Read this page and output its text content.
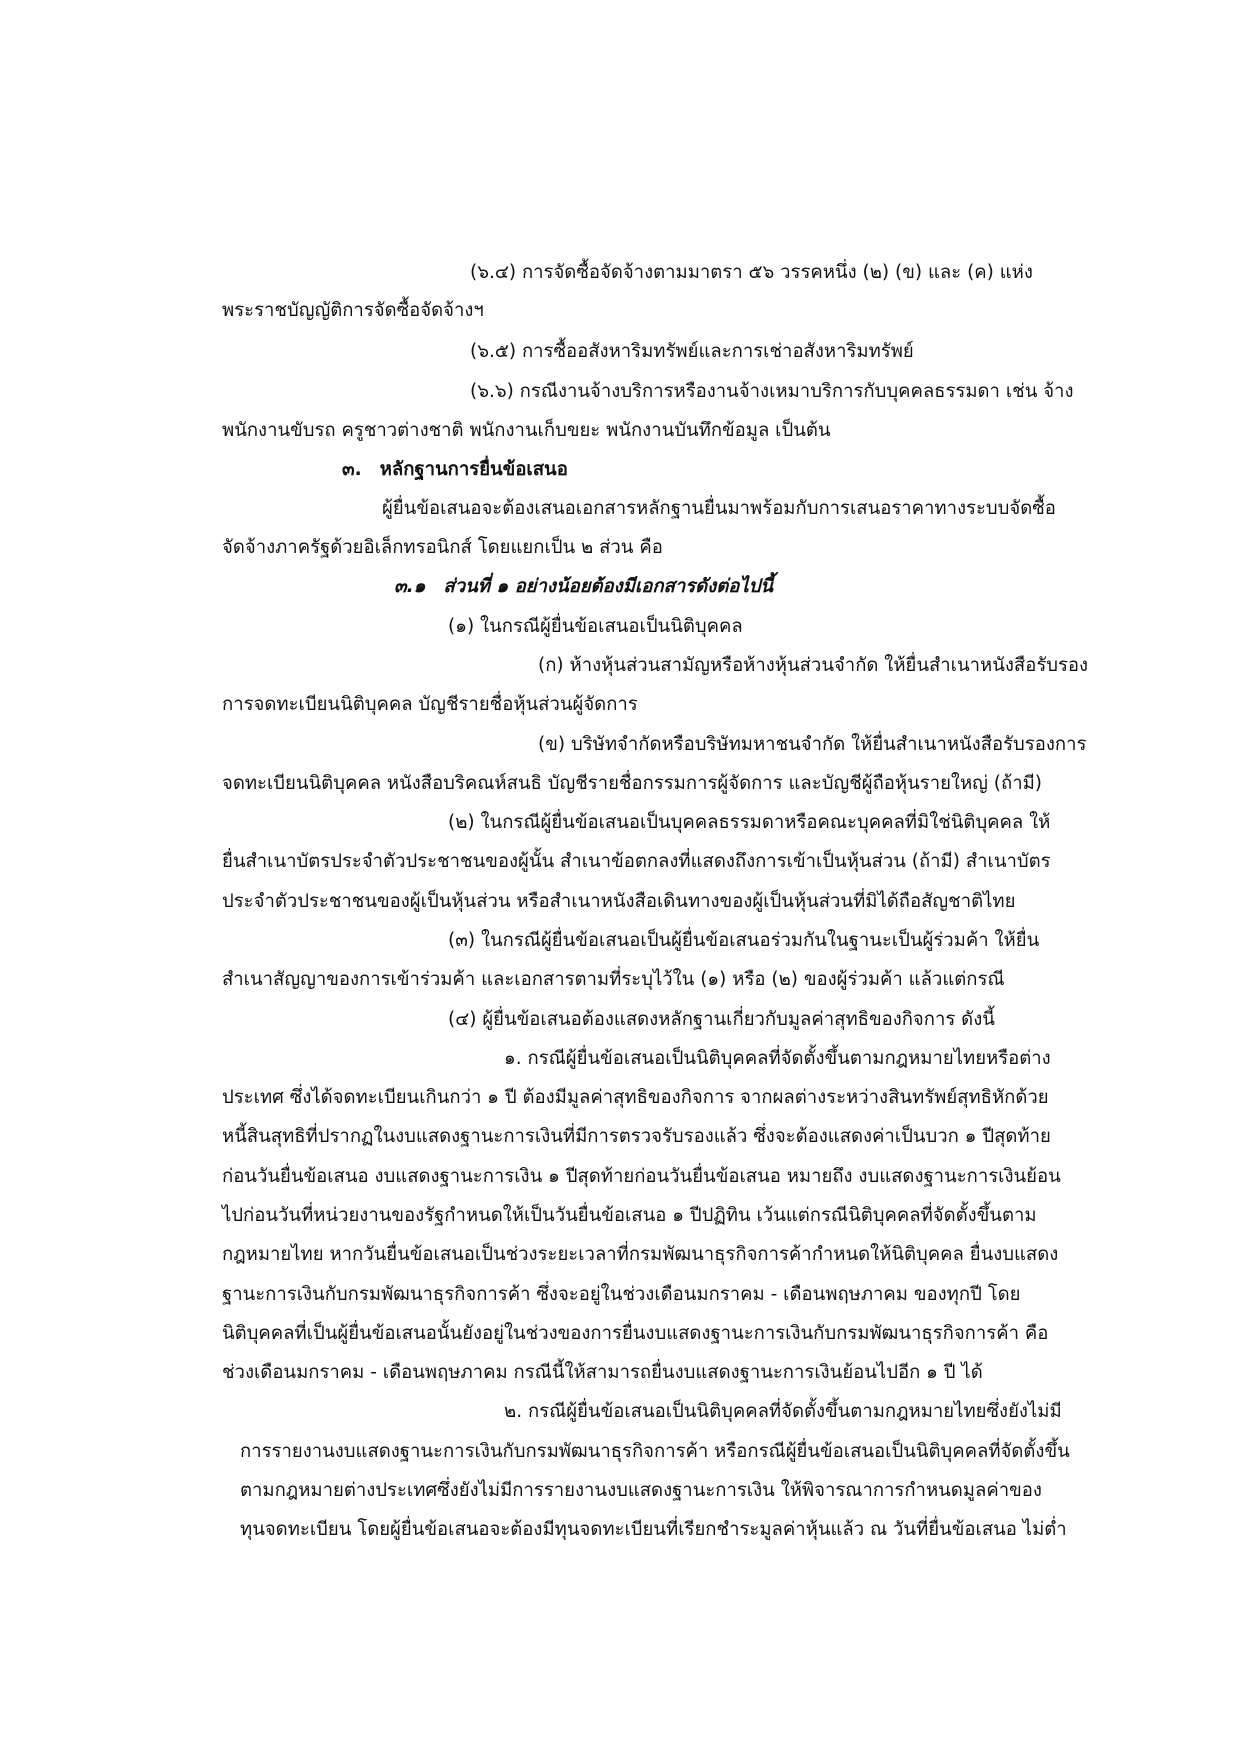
(๖.๔) การจัดซื้อจัดจ้างตามมาตรา ๕๖ วรรคหนึ่ง (๒) (ข) และ (ค) แห่ง
พระราชบัญญัติการจัดซื้อจัดจ้างฯ
(๖.๕) การซื้ออสังหาริมทรัพย์และการเช่าอสังหาริมทรัพย์
(๖.๖) กรณีงานจ้างบริการหรืองานจ้างเหมาบริการกับบุคคลธรรมดา เช่น จ้าง
พนักงานขับรถ ครูชาวต่างชาติ พนักงานเก็บขยะ พนักงานบันทึกข้อมูล เป็นต้น
๓. หลักฐานการยื่นข้อเสนอ
ผู้ยื่นข้อเสนอจะต้องเสนอเอกสารหลักฐานยื่นมาพร้อมกับการเสนอราคาทางระบบจัดซื้อ
จัดจ้างภาครัฐด้วยอิเล็กทรอนิกส์ โดยแยกเป็น ๒ ส่วน คือ
๓.๑ ส่วนที่ ๑ อย่างน้อยต้องมีเอกสารดังต่อไปนี้
(๑) ในกรณีผู้ยื่นข้อเสนอเป็นนิติบุคคล
(ก) ห้างหุ้นส่วนสามัญหรือห้างหุ้นส่วนจำกัด ให้ยื่นสำเนาหนังสือรับรอง
การจดทะเบียนนิติบุคคล บัญชีรายชื่อหุ้นส่วนผู้จัดการ
(ข) บริษัทจำกัดหรือบริษัทมหาชนจำกัด ให้ยื่นสำเนาหนังสือรับรองการ
จดทะเบียนนิติบุคคล หนังสือบริคณห์สนธิ บัญชีรายชื่อกรรมการผู้จัดการ และบัญชีผู้ถือหุ้นรายใหญ่ (ถ้ามี)
(๒) ในกรณีผู้ยื่นข้อเสนอเป็นบุคคลธรรมดาหรือคณะบุคคลที่มิใช่นิติบุคคล ให้
ยื่นสำเนาบัตรประจำตัวประชาชนของผู้นั้น สำเนาข้อตกลงที่แสดงถึงการเข้าเป็นหุ้นส่วน (ถ้ามี) สำเนาบัตร
ประจำตัวประชาชนของผู้เป็นหุ้นส่วน หรือสำเนาหนังสือเดินทางของผู้เป็นหุ้นส่วนที่มิได้ถือสัญชาติไทย
(๓) ในกรณีผู้ยื่นข้อเสนอเป็นผู้ยื่นข้อเสนอร่วมกันในฐานะเป็นผู้ร่วมค้า ให้ยื่น
สำเนาสัญญาของการเข้าร่วมค้า และเอกสารตามที่ระบุไว้ใน (๑) หรือ (๒) ของผู้ร่วมค้า แล้วแต่กรณี
(๔) ผู้ยื่นข้อเสนอต้องแสดงหลักฐานเกี่ยวกับมูลค่าสุทธิของกิจการ ดังนี้
๑. กรณีผู้ยื่นข้อเสนอเป็นนิติบุคคลที่จัดตั้งขึ้นตามกฎหมายไทยหรือต่าง
ประเทศ ซึ่งได้จดทะเบียนเกินกว่า ๑ ปี ต้องมีมูลค่าสุทธิของกิจการ จากผลต่างระหว่างสินทรัพย์สุทธิหักด้วย
หนี้สินสุทธิที่ปรากฏในงบแสดงฐานะการเงินที่มีการตรวจรับรองแล้ว ซึ่งจะต้องแสดงค่าเป็นบวก ๑ ปีสุดท้าย
ก่อนวันยื่นข้อเสนอ งบแสดงฐานะการเงิน ๑ ปีสุดท้ายก่อนวันยื่นข้อเสนอ หมายถึง งบแสดงฐานะการเงินย้อน
ไปก่อนวันที่หน่วยงานของรัฐกำหนดให้เป็นวันยื่นข้อเสนอ ๑ ปีปฏิทิน เว้นแต่กรณีนิติบุคคลที่จัดตั้งขึ้นตาม
กฎหมายไทย หากวันยื่นข้อเสนอเป็นช่วงระยะเวลาที่กรมพัฒนาธุรกิจการค้ากำหนดให้นิติบุคคล ยื่นงบแสดง
ฐานะการเงินกับกรมพัฒนาธุรกิจการค้า ซึ่งจะอยู่ในช่วงเดือนมกราคม - เดือนพฤษภาคม ของทุกปี โดย
นิติบุคคลที่เป็นผู้ยื่นข้อเสนอนั้นยังอยู่ในช่วงของการยื่นงบแสดงฐานะการเงินกับกรมพัฒนาธุรกิจการค้า คือ
ช่วงเดือนมกราคม - เดือนพฤษภาคม กรณีนี้ให้สามารถยื่นงบแสดงฐานะการเงินย้อนไปอีก ๑ ปี ได้
๒. กรณีผู้ยื่นข้อเสนอเป็นนิติบุคคลที่จัดตั้งขึ้นตามกฎหมายไทยซึ่งยังไม่มี
การรายงานงบแสดงฐานะการเงินกับกรมพัฒนาธุรกิจการค้า หรือกรณีผู้ยื่นข้อเสนอเป็นนิติบุคคลที่จัดตั้งขึ้น
ตามกฎหมายต่างประเทศซึ่งยังไม่มีการรายงานงบแสดงฐานะการเงิน ให้พิจารณาการกำหนดมูลค่าของ
ทุนจดทะเบียน โดยผู้ยื่นข้อเสนอจะต้องมีทุนจดทะเบียนที่เรียกชำระมูลค่าหุ้นแล้ว ณ วันที่ยื่นข้อเสนอ ไม่ต่ำ
